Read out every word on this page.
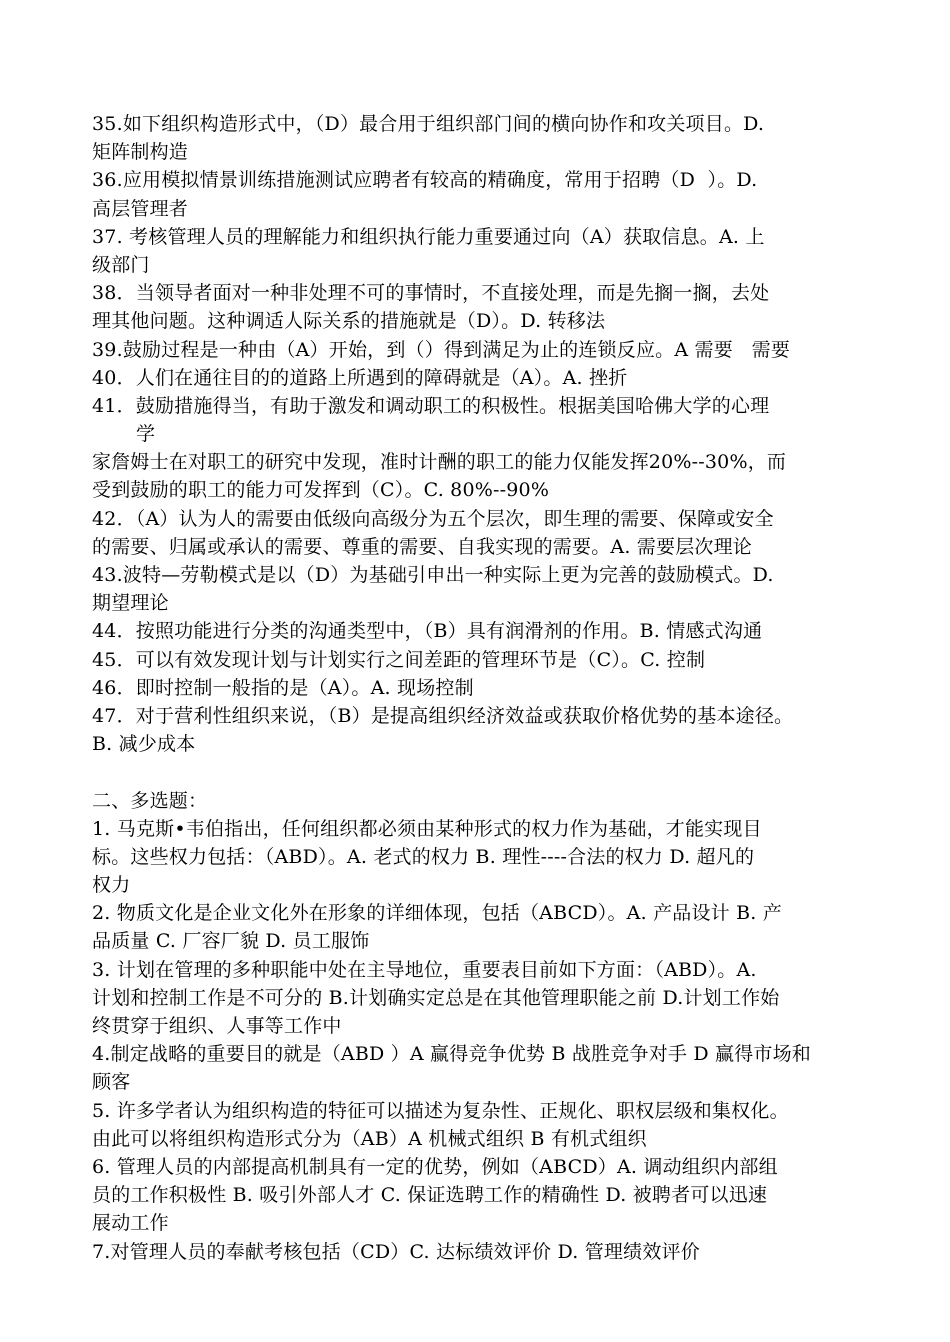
35.如下组织构造形式中，（D）最合用于组织部门间的横向协作和攻关项目。D.
矩阵制构造
36.应用模拟情景训练措施测试应聘者有较高的精确度，常用于招聘（D  ）。D.
高层管理者
37. 考核管理人员的理解能力和组织执行能力重要通过向（A）获取信息。A. 上
级部门
38．当领导者面对一种非处理不可的事情时，不直接处理，而是先搁一搁，去处
理其他问题。这种调适人际关系的措施就是（D）。D. 转移法
39.鼓励过程是一种由（A）开始，到（）得到满足为止的连锁反应。A 需要   需要
40．人们在通往目的的道路上所遇到的障碍就是（A）。A. 挫折
41．鼓励措施得当，有助于激发和调动职工的积极性。根据美国哈佛大学的心理
学
家詹姆士在对职工的研究中发现，准时计酬的职工的能力仅能发挥20%--30%，而
受到鼓励的职工的能力可发挥到（C）。C. 80%--90%
42．（A）认为人的需要由低级向高级分为五个层次，即生理的需要、保障或安全
的需要、归属或承认的需要、尊重的需要、自我实现的需要。A. 需要层次理论
43.波特—劳勒模式是以（D）为基础引申出一种实际上更为完善的鼓励模式。D.
期望理论
44．按照功能进行分类的沟通类型中，（B）具有润滑剂的作用。B. 情感式沟通
45．可以有效发现计划与计划实行之间差距的管理环节是（C）。C. 控制
46．即时控制一般指的是（A）。A. 现场控制
47．对于营利性组织来说，（B）是提高组织经济效益或获取价格优势的基本途径。
B. 减少成本
二、多选题：
1. 马克斯•韦伯指出，任何组织都必须由某种形式的权力作为基础，才能实现目
标。这些权力包括：（ABD）。A. 老式的权力 B. 理性----合法的权力 D. 超凡的
权力
2. 物质文化是企业文化外在形象的详细体现，包括（ABCD）。A. 产品设计 B. 产
品质量 C. 厂容厂貌 D. 员工服饰
3. 计划在管理的多种职能中处在主导地位，重要表目前如下方面：（ABD）。A.
计划和控制工作是不可分的 B.计划确实定总是在其他管理职能之前 D.计划工作始
终贯穿于组织、人事等工作中
4.制定战略的重要目的就是（ABD ）A 赢得竞争优势 B 战胜竞争对手 D 赢得市场和
顾客
5. 许多学者认为组织构造的特征可以描述为复杂性、正规化、职权层级和集权化。
由此可以将组织构造形式分为（AB）A 机械式组织 B 有机式组织
6. 管理人员的内部提高机制具有一定的优势，例如（ABCD）A. 调动组织内部组
员的工作积极性 B. 吸引外部人才 C. 保证选聘工作的精确性 D. 被聘者可以迅速
展动工作
7.对管理人员的奉献考核包括（CD）C. 达标绩效评价 D. 管理绩效评价
